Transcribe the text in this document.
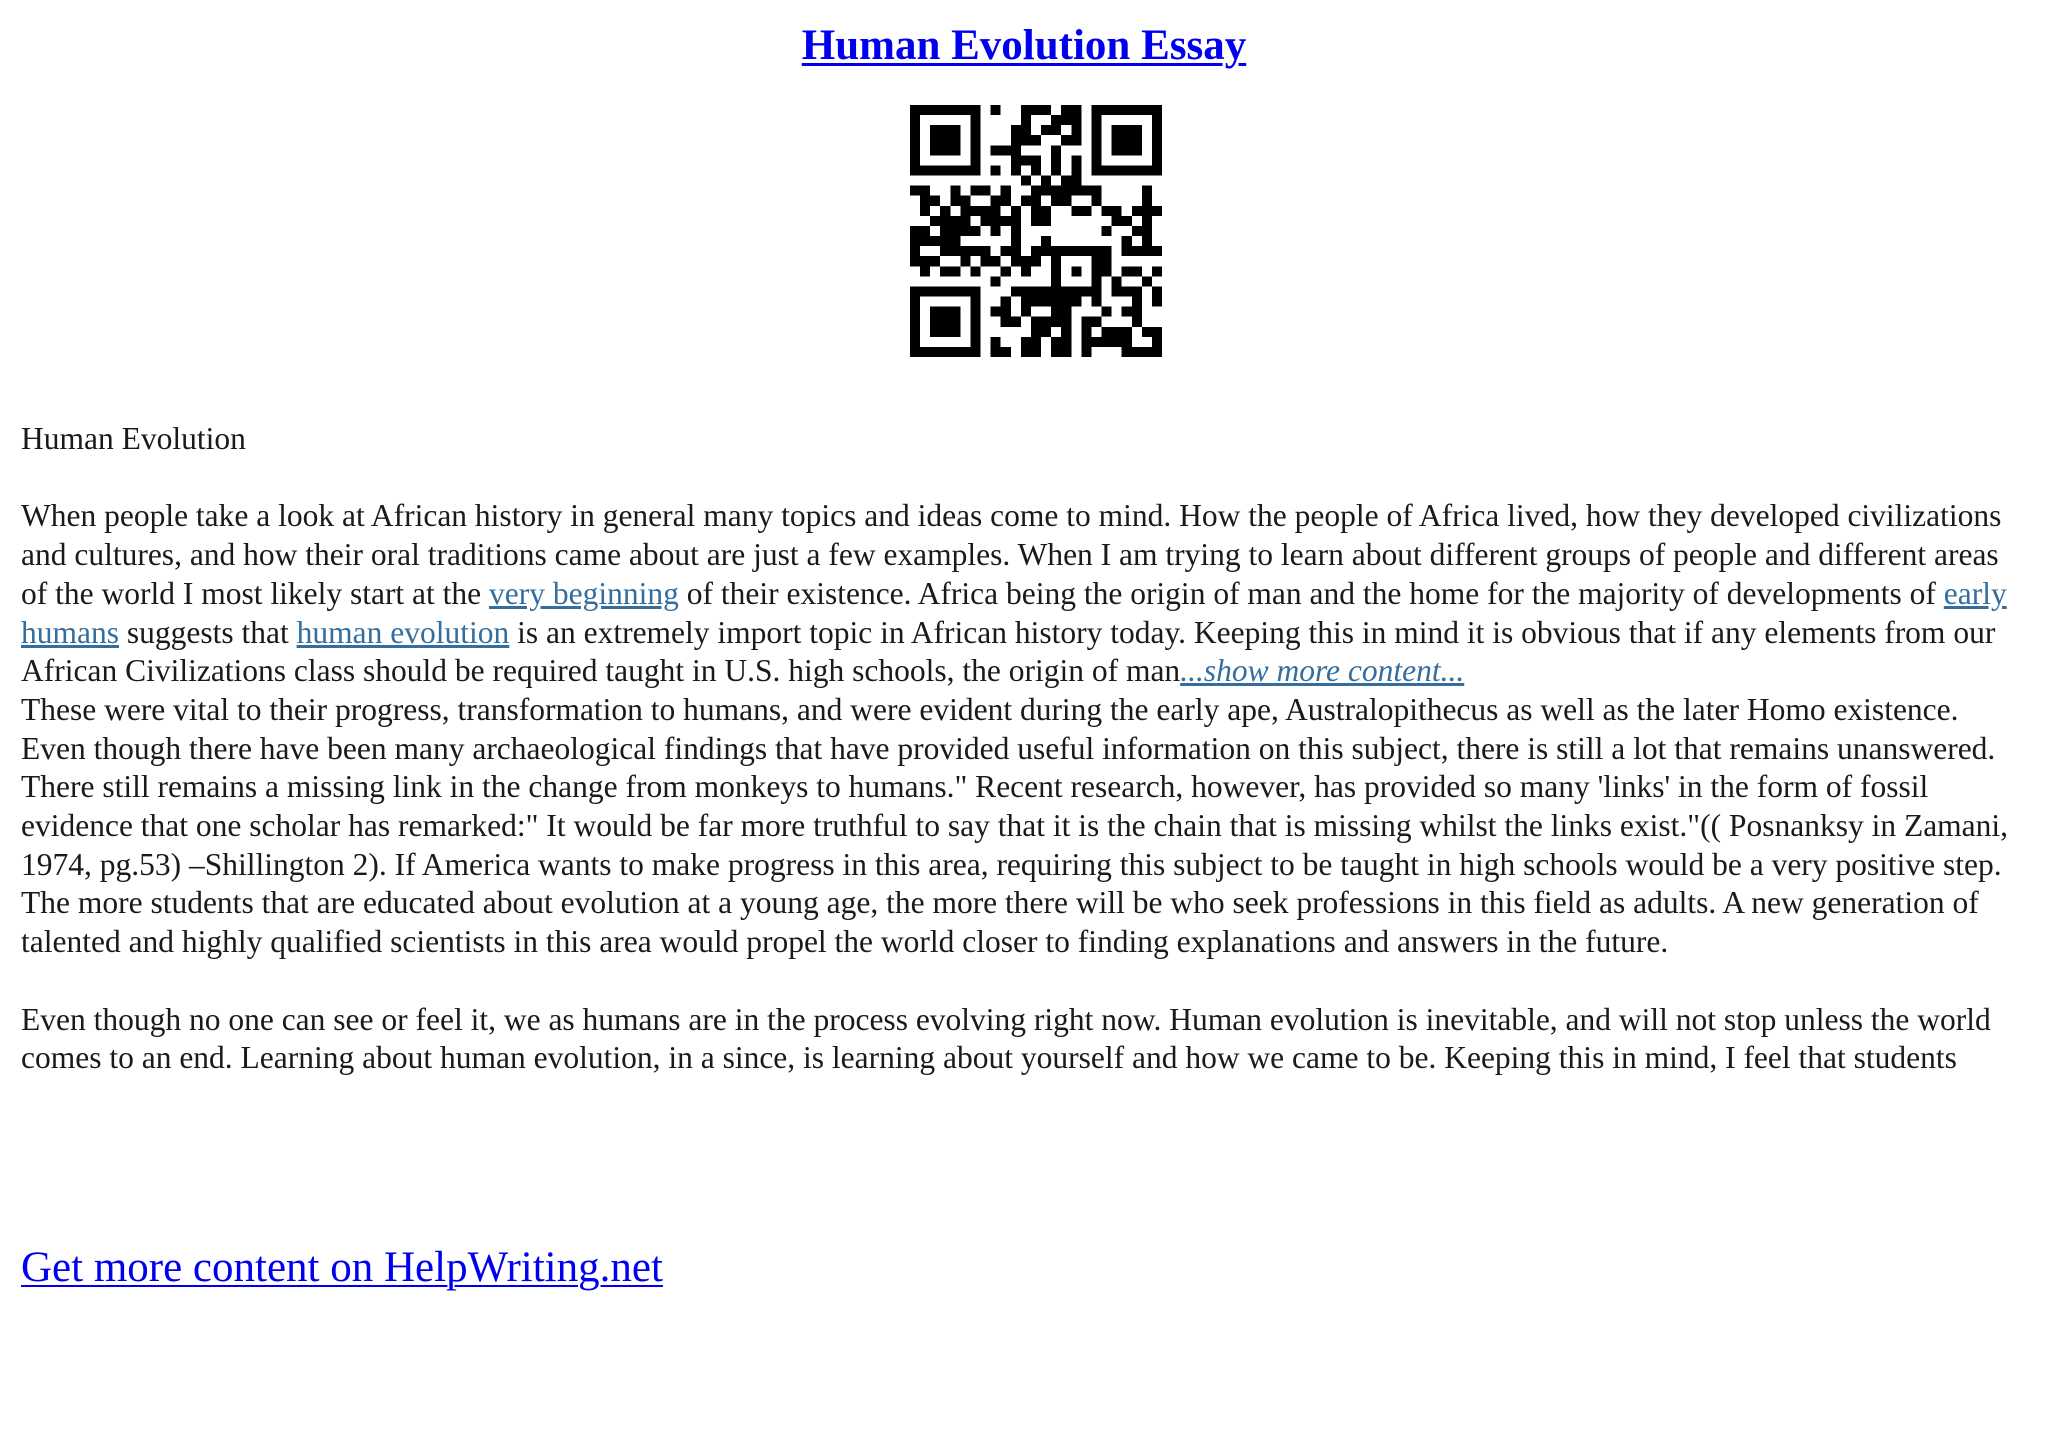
Human Evolution Essay

Human Evolution

When people take a look at African history in general many topics and ideas come to mind. How the people of Africa lived, how they developed civilizations and cultures, and how their oral traditions came about are just a few examples. When I am trying to learn about different groups of people and different areas of the world I most likely start at the very beginning of their existence. Africa being the origin of man and the home for the majority of developments of early humans suggests that human evolution is an extremely import topic in African history today. Keeping this in mind it is obvious that if any elements from our African Civilizations class should be required taught in U.S. high schools, the origin of man...show more content...

These were vital to their progress, transformation to humans, and were evident during the early ape, Australopithecus as well as the later Homo existence. Even though there have been many archaeological findings that have provided useful information on this subject, there is still a lot that remains unanswered. There still remains a missing link in the change from monkeys to humans." Recent research, however, has provided so many 'links' in the form of fossil evidence that one scholar has remarked:" It would be far more truthful to say that it is the chain that is missing whilst the links exist."(( Posnanksy in Zamani, 1974, pg.53) –Shillington 2). If America wants to make progress in this area, requiring this subject to be taught in high schools would be a very positive step. The more students that are educated about evolution at a young age, the more there will be who seek professions in this field as adults. A new generation of talented and highly qualified scientists in this area would propel the world closer to finding explanations and answers in the future.

Even though no one can see or feel it, we as humans are in the process evolving right now. Human evolution is inevitable, and will not stop unless the world comes to an end. Learning about human evolution, in a since, is learning about yourself and how we came to be. Keeping this in mind, I feel that students

Get more content on HelpWriting.net
